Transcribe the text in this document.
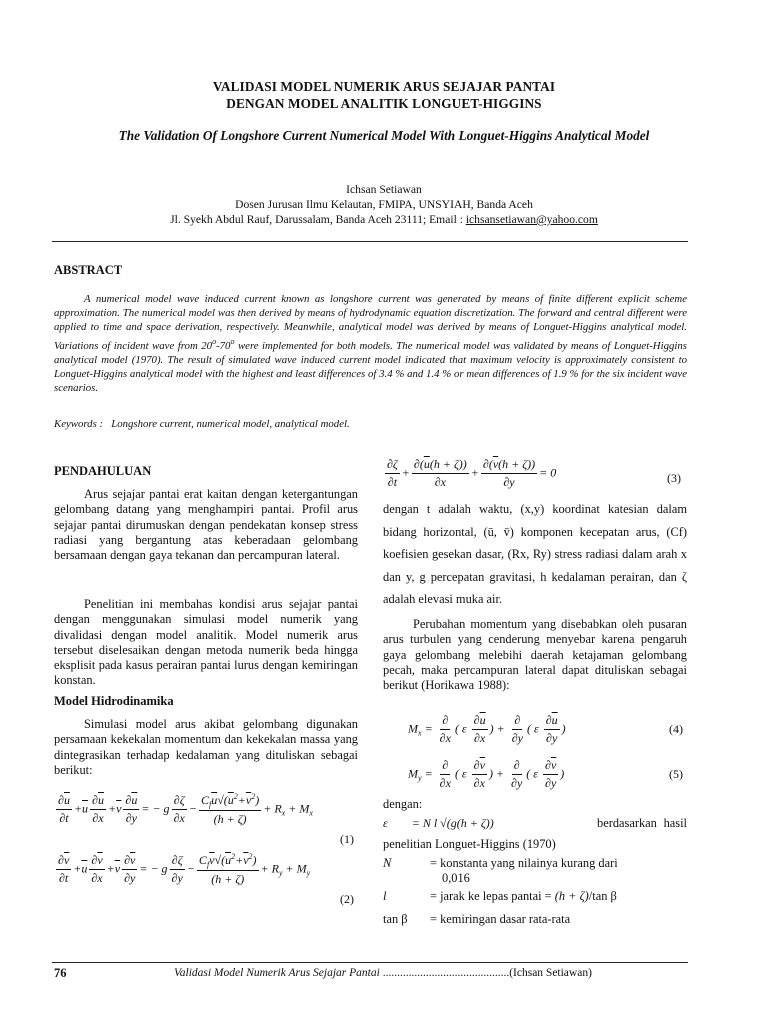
VALIDASI MODEL NUMERIK ARUS SEJAJAR PANTAI
DENGAN MODEL ANALITIK LONGUET-HIGGINS
The Validation Of Longshore Current Numerical Model With Longuet-Higgins Analytical Model
Ichsan Setiawan
Dosen Jurusan Ilmu Kelautan, FMIPA, UNSYIAH, Banda Aceh
Jl. Syekh Abdul Rauf, Darussalam, Banda Aceh 23111; Email : ichsansetiawan@yahoo.com
ABSTRACT
A numerical model wave induced current known as longshore current was generated by means of finite different explicit scheme approximation. The numerical model was then derived by means of hydrodynamic equation discretization. The forward and central different were applied to time and space derivation, respectively. Meanwhile, analytical model was derived by means of Longuet-Higgins analytical model. Variations of incident wave from 20$^o$-70$^o$ were implemented for both models. The numerical model was validated by means of Longuet-Higgins analytical model (1970). The result of simulated wave induced current model indicated that maximum velocity is approximately consistent to Longuet-Higgins analytical model with the highest and least differences of 3.4 % and 1.4 % or mean differences of 1.9 % for the six incident wave scenarios.
Keywords : Longshore current, numerical model, analytical model.
PENDAHULUAN
Arus sejajar pantai erat kaitan dengan ketergantungan gelombang datang yang menghampiri pantai. Profil arus sejajar pantai dirumuskan dengan pendekatan konsep stress radiasi yang bergantung atas keberadaan gelombang bersamaan dengan gaya tekanan dan percampuran lateral.
Penelitian ini membahas kondisi arus sejajar pantai dengan menggunakan simulasi model numerik yang divalidasi dengan model analitik. Model numerik arus tersebut diselesaikan dengan metoda numerik beda hingga eksplisit pada kasus perairan pantai lurus dengan kemiringan konstan.
Model Hidrodinamika
Simulasi model arus akibat gelombang digunakan persamaan kekekalan momentum dan kekekalan massa yang dintegrasikan terhadap kedalaman yang dituliskan sebagai berikut:
$\frac{\partial\overline{u}}{\partial t} +\overline{u} \frac{\partial\overline{u}}{\partial x} +\overline{v} \frac{\partial\overline{u}}{\partial y}$ = − g $\frac{\partial\zeta}{\partial x} - \frac{C_f\overline{u}√(\overline{u}^2+\overline{v}^2)}{(h + \zeta)} + R_x + M_x$
(1)
$\frac{\partial\overline{v}}{\partial t} +\overline{u} \frac{\partial\overline{v}}{\partial x} +\overline{v} \frac{\partial\overline{v}}{\partial y}$ = − g $\frac{\partial\zeta}{\partial y} - \frac{C_f\overline{v}√(\overline{u}^2+\overline{v}^2)}{(h + \zeta)} + R_y + M_y$
(2)
$\frac{\partial\zeta}{\partial t} + \frac{\partial(\overline{u}(h + \zeta))}{\partial x} + \frac{\partial(\overline{v}(h + \zeta))}{\partial y} = 0$	(3)
dengan t adalah waktu, (x,y) koordinat katesian dalam bidang horizontal, (ū, v̄) komponen kecepatan arus, (Cf) koefisien gesekan dasar, (Rx, Ry) stress radiasi dalam arah x dan y, g percepatan gravitasi, h kedalaman perairan, dan ζ adalah elevasi muka air.
Perubahan momentum yang disebabkan oleh pusaran arus turbulen yang cenderung menyebar karena pengaruh gaya gelombang melebihi daerah ketajaman gelombang pecah, maka percampuran lateral dapat dituliskan sebagai berikut (Horikawa 1988):
$M_x = \frac{\partial}{\partial x}$ ( ε $\frac{\partial\overline{u}}{\partial x}$ ) + $\frac{\partial}{\partial y}$ ( ε $\frac{\partial\overline{u}}{\partial y}$ )	(4)
$M_y = \frac{\partial}{\partial x}$ ( ε $\frac{\partial\overline{v}}{\partial x}$ ) + $\frac{\partial}{\partial y}$ ( ε $\frac{\partial\overline{v}}{\partial y}$ )	(5)
dengan:
ε        = N l √(g(h + ζ))	berdasarkan hasil
penelitian Longuet-Higgins (1970)
N	= konstanta yang nilainya kurang dari
0,016
l	= jarak ke lepas pantai = (h + ζ)/tan β
tan β = kemiringan dasar rata-rata
76	Validasi Model Numerik Arus Sejajar Pantai ............................................(Ichsan Setiawan)
